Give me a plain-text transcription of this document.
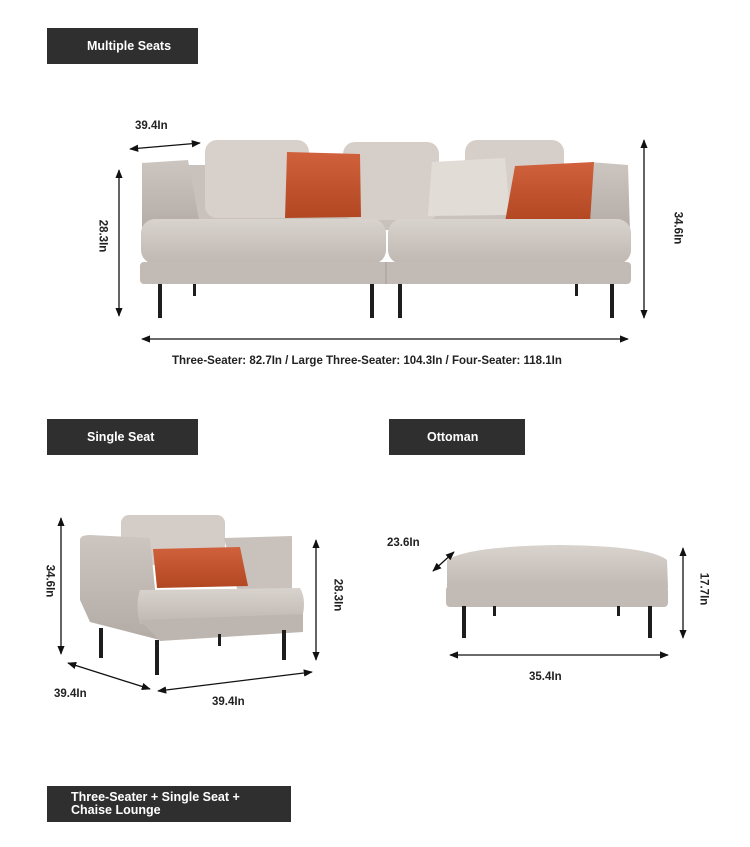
Multiple Seats
Single Seat	Ottoman
Three-Seater + Single Seat + Chaise Lounge
39.4In
28.3In	34.6In
Three-Seater: 82.7In / Large Three-Seater: 104.3In / Four-Seater: 118.1In
34.6In	28.3In
39.4In
39.4In
23.6In
17.7In
35.4In
